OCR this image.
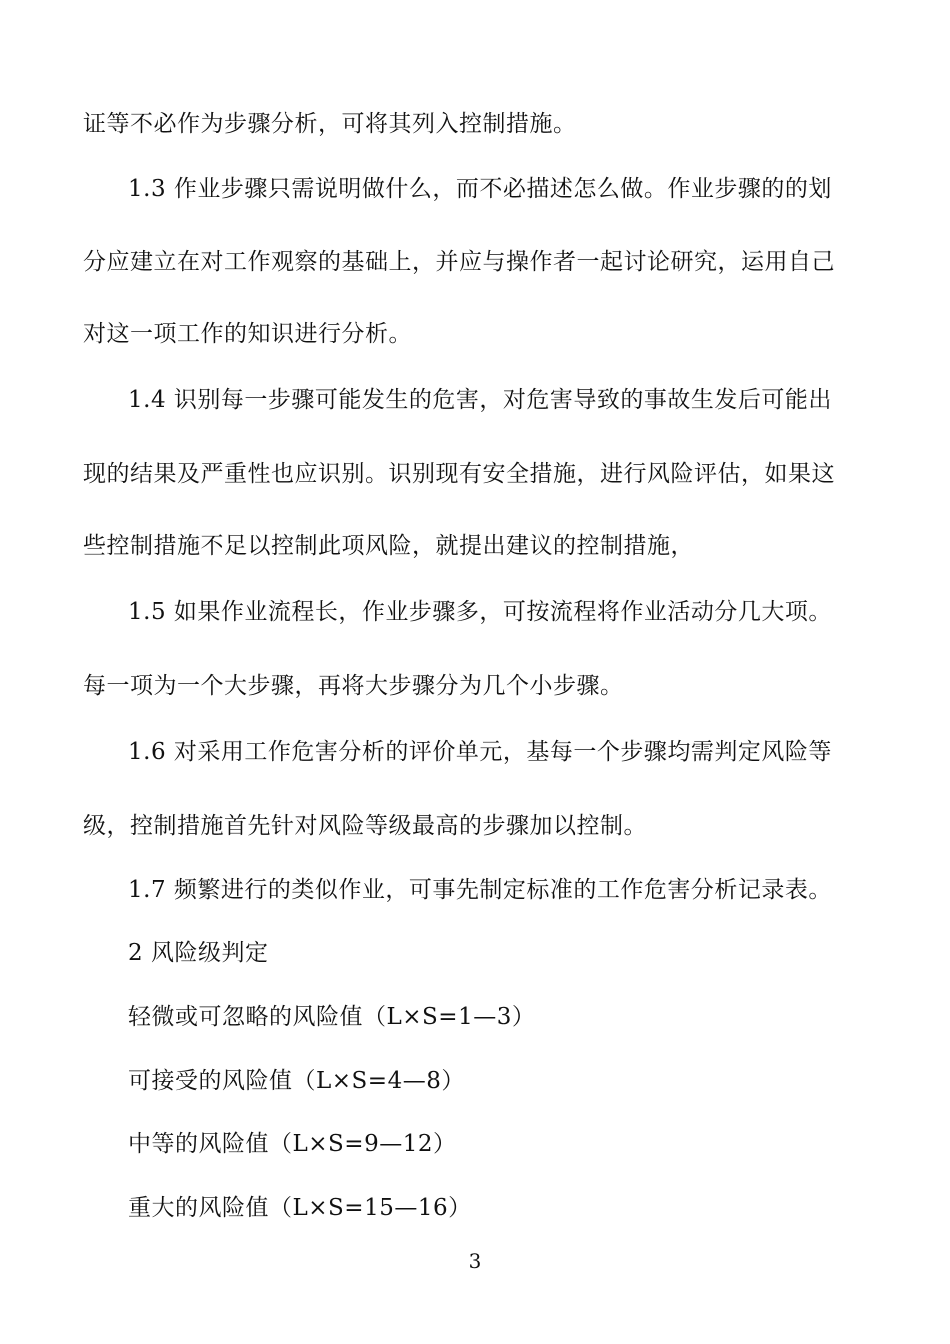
证等不必作为步骤分析，可将其列入控制措施。
1.3 作业步骤只需说明做什么，而不必描述怎么做。作业步骤的的划
分应建立在对工作观察的基础上，并应与操作者一起讨论研究，运用自己
对这一项工作的知识进行分析。
1.4 识别每一步骤可能发生的危害，对危害导致的事故生发后可能出
现的结果及严重性也应识别。识别现有安全措施，进行风险评估，如果这
些控制措施不足以控制此项风险，就提出建议的控制措施，
1.5 如果作业流程长，作业步骤多，可按流程将作业活动分几大项。
每一项为一个大步骤，再将大步骤分为几个小步骤。
1.6 对采用工作危害分析的评价单元，基每一个步骤均需判定风险等
级，控制措施首先针对风险等级最高的步骤加以控制。
1.7 频繁进行的类似作业，可事先制定标准的工作危害分析记录表。
2 风险级判定
轻微或可忽略的风险值（L×S=1—3）
可接受的风险值（L×S=4—8）
中等的风险值（L×S=9—12）
重大的风险值（L×S=15—16）
3
